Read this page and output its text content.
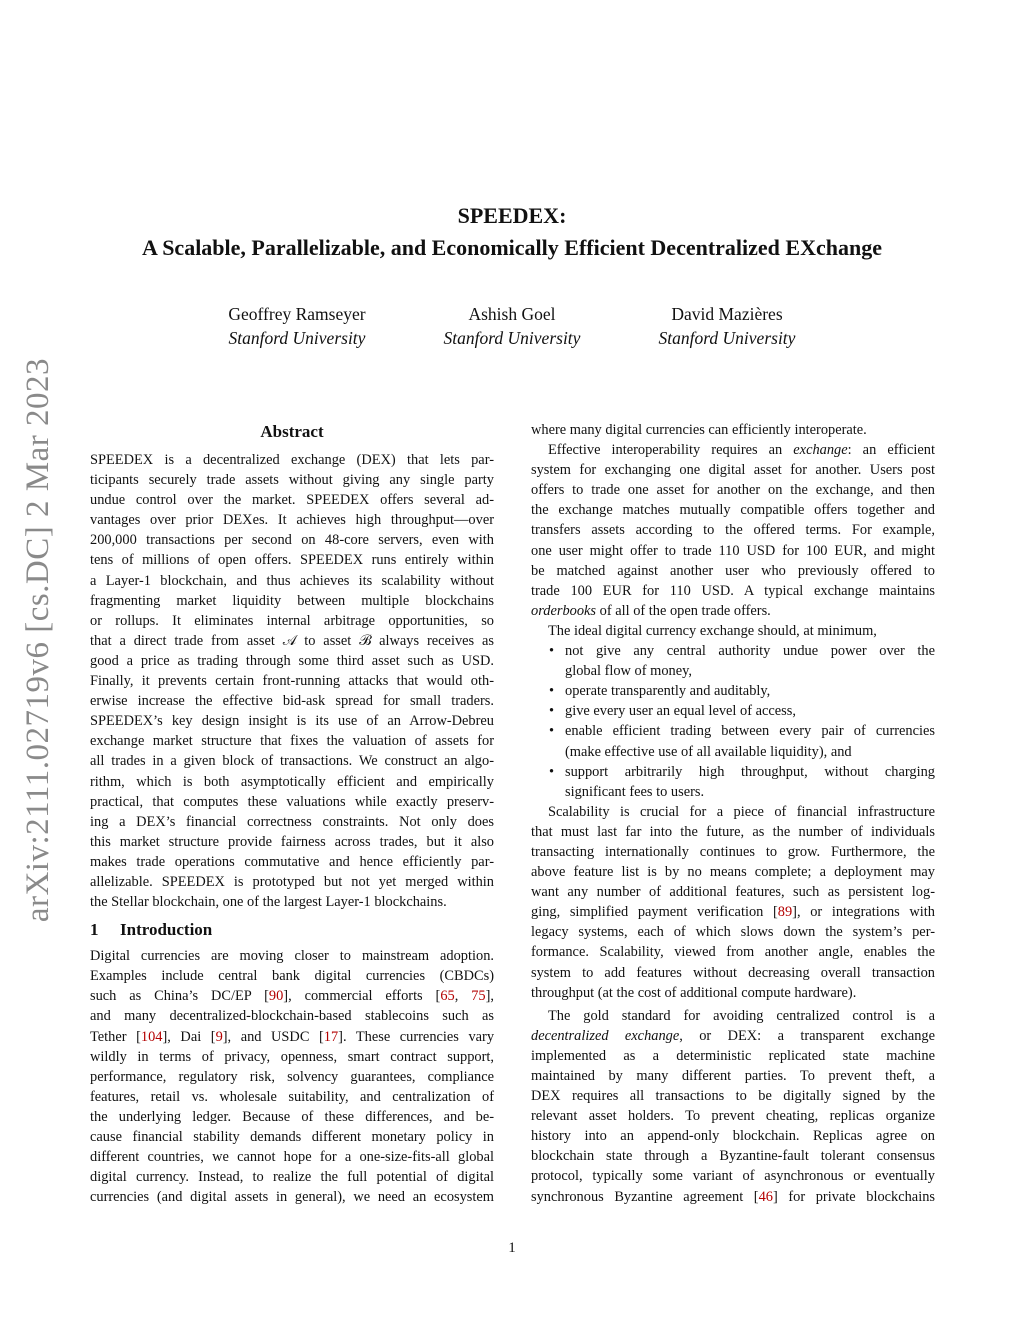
SPEEDEX:
A Scalable, Parallelizable, and Economically Efficient Decentralized EXchange
Geoffrey Ramseyer
Stanford University
Ashish Goel
Stanford University
David Mazières
Stanford University
arXiv:2111.02719v6 [cs.DC] 2 Mar 2023	Abstract
SPEEDEX is a decentralized exchange (DEX) that lets par-
ticipants securely trade assets without giving any single party
undue control over the market. SPEEDEX offers several ad-
vantages over prior DEXes. It achieves high throughput—over
200,000 transactions per second on 48-core servers, even with
tens of millions of open offers. SPEEDEX runs entirely within
a Layer-1 blockchain, and thus achieves its scalability without
fragmenting market liquidity between multiple blockchains
or rollups. It eliminates internal arbitrage opportunities, so
that a direct trade from asset 𝒜 to asset ℬ always receives as
good a price as trading through some third asset such as USD.
Finally, it prevents certain front-running attacks that would oth-
erwise increase the effective bid-ask spread for small traders.
SPEEDEX’s key design insight is its use of an Arrow-Debreu
exchange market structure that fixes the valuation of assets for
all trades in a given block of transactions. We construct an algo-
rithm, which is both asymptotically efficient and empirically
practical, that computes these valuations while exactly preserv-
ing a DEX’s financial correctness constraints. Not only does
this market structure provide fairness across trades, but it also
makes trade operations commutative and hence efficiently par-
allelizable. SPEEDEX is prototyped but not yet merged within
the Stellar blockchain, one of the largest Layer-1 blockchains.
1 Introduction
Digital currencies are moving closer to mainstream adoption.
Examples include central bank digital currencies (CBDCs)
such as China’s DC/EP [90], commercial efforts [65, 75],
and many decentralized-blockchain-based stablecoins such as
Tether [104], Dai [9], and USDC [17]. These currencies vary
wildly in terms of privacy, openness, smart contract support,
performance, regulatory risk, solvency guarantees, compliance
features, retail vs. wholesale suitability, and centralization of
the underlying ledger. Because of these differences, and be-
cause financial stability demands different monetary policy in
different countries, we cannot hope for a one-size-fits-all global
digital currency. Instead, to realize the full potential of digital
currencies (and digital assets in general), we need an ecosystem
where many digital currencies can efficiently interoperate.
Effective interoperability requires an exchange: an efficient
system for exchanging one digital asset for another. Users post
offers to trade one asset for another on the exchange, and then
the exchange matches mutually compatible offers together and
transfers assets according to the offered terms. For example,
one user might offer to trade 110 USD for 100 EUR, and might
be matched against another user who previously offered to
trade 100 EUR for 110 USD. A typical exchange maintains
orderbooks of all of the open trade offers.
The ideal digital currency exchange should, at minimum,
• not give any central authority undue power over the
global flow of money,
• operate transparently and auditably,
• give every user an equal level of access,
• enable efficient trading between every pair of currencies
(make effective use of all available liquidity), and
• support arbitrarily high throughput, without charging
significant fees to users.
Scalability is crucial for a piece of financial infrastructure
that must last far into the future, as the number of individuals
transacting internationally continues to grow. Furthermore, the
above feature list is by no means complete; a deployment may
want any number of additional features, such as persistent log-
ging, simplified payment verification [89], or integrations with
legacy systems, each of which slows down the system’s per-
formance. Scalability, viewed from another angle, enables the
system to add features without decreasing overall transaction
throughput (at the cost of additional compute hardware).
The gold standard for avoiding centralized control is a
decentralized exchange, or DEX: a transparent exchange
implemented as a deterministic replicated state machine
maintained by many different parties. To prevent theft, a
DEX requires all transactions to be digitally signed by the
relevant asset holders. To prevent cheating, replicas organize
history into an append-only blockchain. Replicas agree on
blockchain state through a Byzantine-fault tolerant consensus
protocol, typically some variant of asynchronous or eventually
synchronous Byzantine agreement [46] for private blockchains
1
